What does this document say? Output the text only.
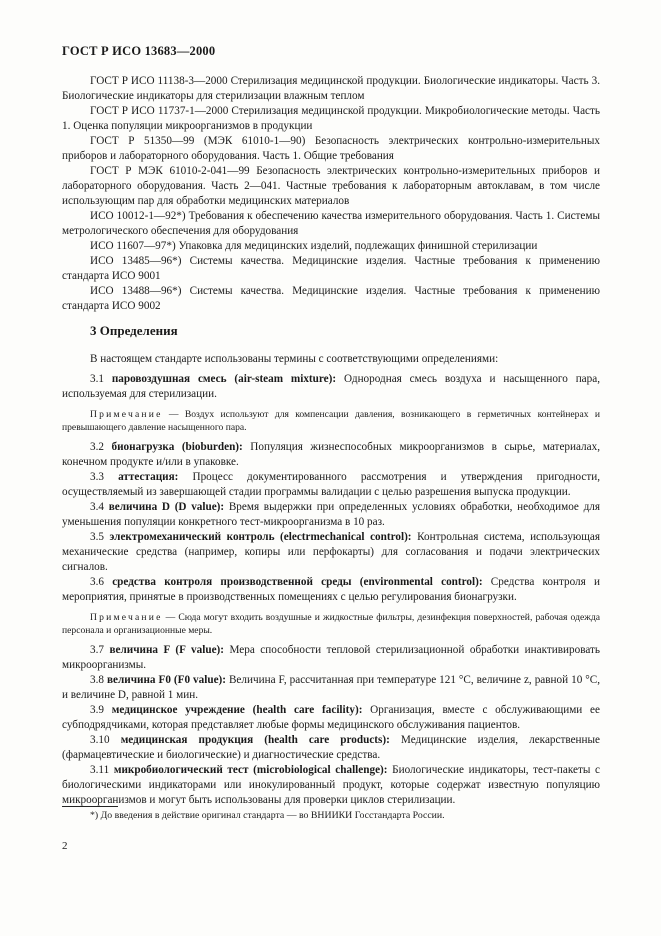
ГОСТ Р ИСО 13683—2000

ГОСТ Р ИСО 11138-3—2000 Стерилизация медицинской продукции. Биологические индикаторы. Часть 3. Биологические индикаторы для стерилизации влажным теплом

ГОСТ Р ИСО 11737-1—2000 Стерилизация медицинской продукции. Микробиологические методы. Часть 1. Оценка популяции микроорганизмов в продукции

ГОСТ Р 51350—99 (МЭК 61010-1—90) Безопасность электрических контрольно-измерительных приборов и лабораторного оборудования. Часть 1. Общие требования

ГОСТ Р МЭК 61010-2-041—99 Безопасность электрических контрольно-измерительных приборов и лабораторного оборудования. Часть 2—041. Частные требования к лабораторным автоклавам, в том числе использующим пар для обработки медицинских материалов

ИСО 10012-1—92*) Требования к обеспечению качества измерительного оборудования. Часть 1. Системы метрологического обеспечения для оборудования

ИСО 11607—97*) Упаковка для медицинских изделий, подлежащих финишной стерилизации

ИСО 13485—96*) Системы качества. Медицинские изделия. Частные требования к применению стандарта ИСО 9001

ИСО 13488—96*) Системы качества. Медицинские изделия. Частные требования к применению стандарта ИСО 9002

3 Определения

В настоящем стандарте использованы термины с соответствующими определениями:

3.1 паровоздушная смесь (air-steam mixture): Однородная смесь воздуха и насыщенного пара, используемая для стерилизации.

Примечание — Воздух используют для компенсации давления, возникающего в герметичных контейнерах и превышающего давление насыщенного пара.

3.2 бионагрузка (bioburden): Популяция жизнеспособных микроорганизмов в сырье, материалах, конечном продукте и/или в упаковке.

3.3 аттестация: Процесс документированного рассмотрения и утверждения пригодности, осуществляемый из завершающей стадии программы валидации с целью разрешения выпуска продукции.

3.4 величина D (D value): Время выдержки при определенных условиях обработки, необходимое для уменьшения популяции конкретного тест-микроорганизма в 10 раз.

3.5 электромеханический контроль (electrmechanical control): Контрольная система, использующая механические средства (например, копиры или перфокарты) для согласования и подачи электрических сигналов.

3.6 средства контроля производственной среды (environmental control): Средства контроля и мероприятия, принятые в производственных помещениях с целью регулирования бионагрузки.

Примечание — Сюда могут входить воздушные и жидкостные фильтры, дезинфекция поверхностей, рабочая одежда персонала и организационные меры.

3.7 величина F (F value): Мера способности тепловой стерилизационной обработки инактивировать микроорганизмы.

3.8 величина F0 (F0 value): Величина F, рассчитанная при температуре 121 °С, величине z, равной 10 °С, и величине D, равной 1 мин.

3.9 медицинское учреждение (health care facility): Организация, вместе с обслуживающими ее субподрядчиками, которая представляет любые формы медицинского обслуживания пациентов.

3.10 медицинская продукция (health care products): Медицинские изделия, лекарственные (фармацевтические и биологические) и диагностические средства.

3.11 микробиологический тест (microbiological challenge): Биологические индикаторы, тест-пакеты с биологическими индикаторами или инокулированный продукт, которые содержат известную популяцию микроорганизмов и могут быть использованы для проверки циклов стерилизации.

*) До введения в действие оригинал стандарта — во ВНИИКИ Госстандарта России.
2
